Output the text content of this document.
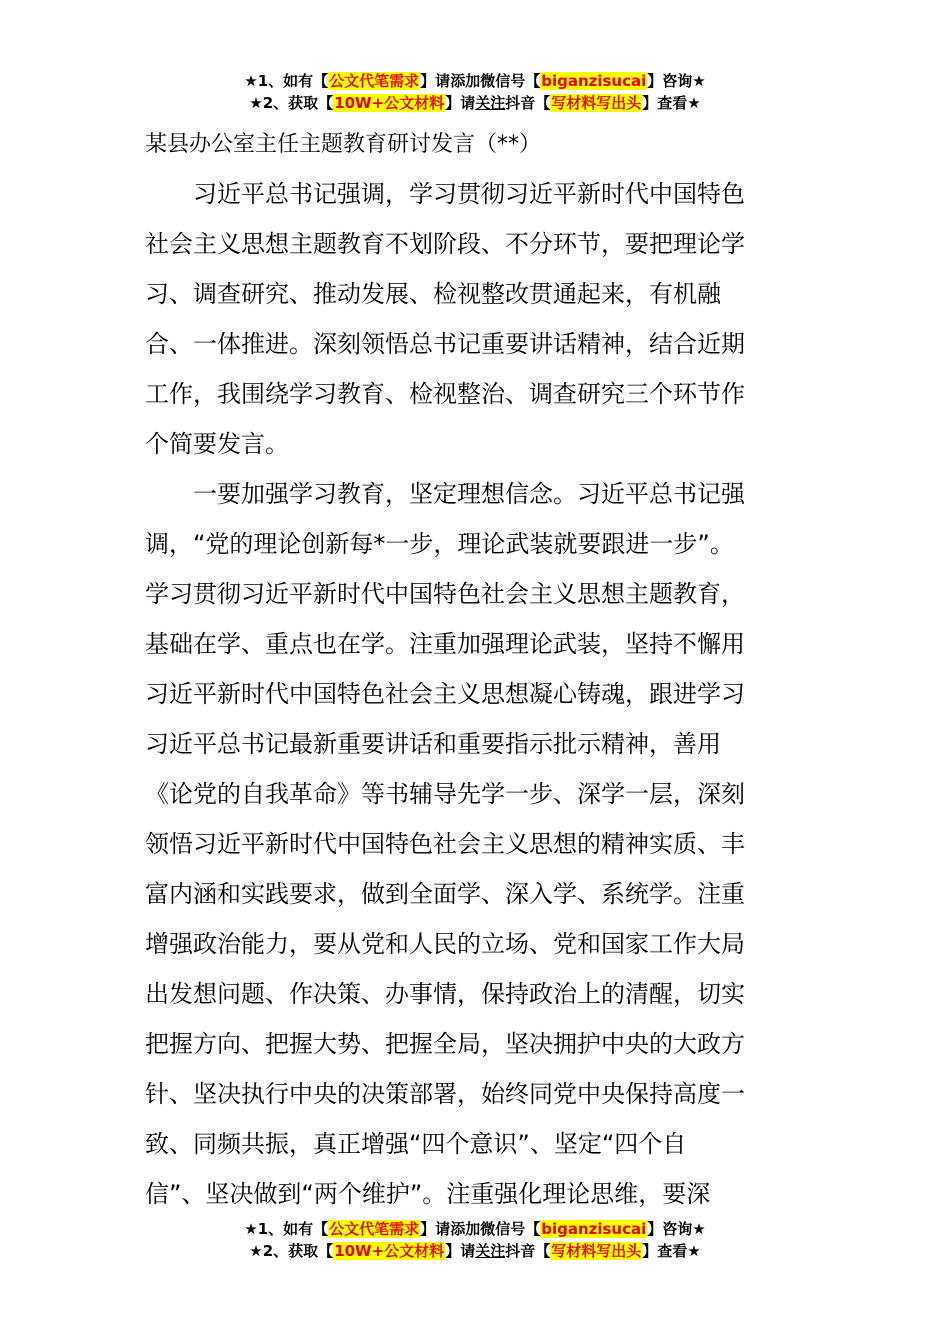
★1、如有【公文代笔需求】请添加微信号【biganzisucai】咨询★
★2、获取【10W+公文材料】请关注抖音【写材料写出头】查看★
某县办公室主任主题教育研讨发言（**）
习近平总书记强调，学习贯彻习近平新时代中国特色
社会主义思想主题教育不划阶段、不分环节，要把理论学
习、调查研究、推动发展、检视整改贯通起来，有机融
合、一体推进。深刻领悟总书记重要讲话精神，结合近期
工作，我围绕学习教育、检视整治、调查研究三个环节作
个简要发言。
一要加强学习教育，坚定理想信念。习近平总书记强
调，“党的理论创新每*一步，理论武装就要跟进一步”。
学习贯彻习近平新时代中国特色社会主义思想主题教育，
基础在学、重点也在学。注重加强理论武装，坚持不懈用
习近平新时代中国特色社会主义思想凝心铸魂，跟进学习
习近平总书记最新重要讲话和重要指示批示精神，善用
《论党的自我革命》等书辅导先学一步、深学一层，深刻
领悟习近平新时代中国特色社会主义思想的精神实质、丰
富内涵和实践要求，做到全面学、深入学、系统学。注重
增强政治能力，要从党和人民的立场、党和国家工作大局
出发想问题、作决策、办事情，保持政治上的清醒，切实
把握方向、把握大势、把握全局，坚决拥护中央的大政方
针、坚决执行中央的决策部署，始终同党中央保持高度一
致、同频共振，真正增强“四个意识”、坚定“四个自
信”、坚决做到“两个维护”。注重强化理论思维，要深
★1、如有【公文代笔需求】请添加微信号【biganzisucai】咨询★
★2、获取【10W+公文材料】请关注抖音【写材料写出头】查看★
